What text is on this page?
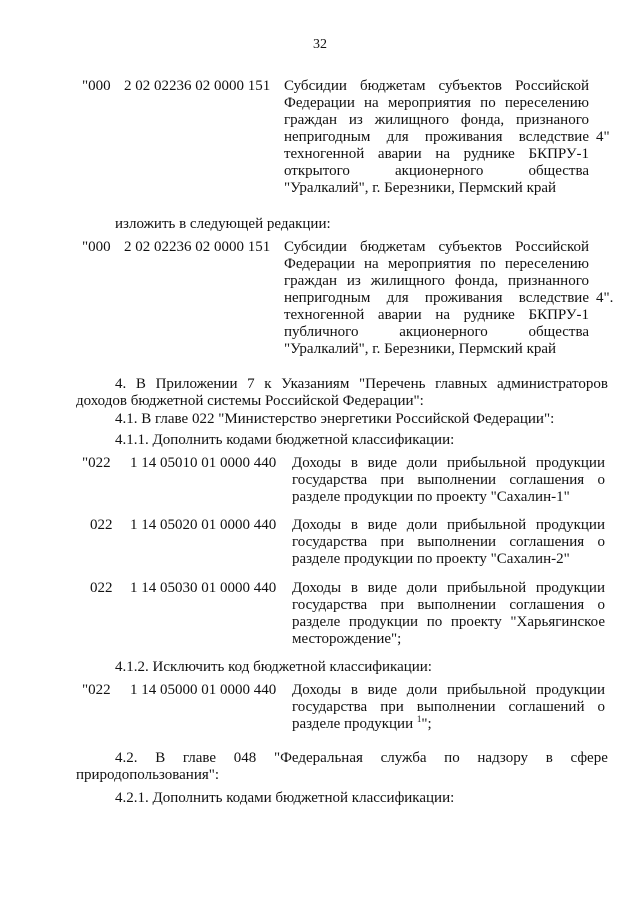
32
"000 2 02 02236 02 0000 151 Субсидии бюджетам субъектов Российской
Федерации на мероприятия по переселению
граждан из жилищного фонда, признаного
непригодным для проживания вследствие
техногенной аварии на руднике БКПРУ-1
открытого акционерного общества
"Уралкалий", г. Березники, Пермский край
4"
изложить в следующей редакции:
"000 2 02 02236 02 0000 151 Субсидии бюджетам субъектов Российской
Федерации на мероприятия по переселению
граждан из жилищного фонда, признанного
непригодным для проживания вследствие
техногенной аварии на руднике БКПРУ-1
публичного акционерного общества
"Уралкалий", г. Березники, Пермский край
4".
4. В Приложении 7 к Указаниям "Перечень главных администраторов доходов бюджетной системы Российской Федерации":
4.1. В главе 022 "Министерство энергетики Российской Федерации":
4.1.1. Дополнить кодами бюджетной классификации:
"022 1 14 05010 01 0000 440	Доходы в виде доли прибыльной продукции
государства при выполнении соглашения о
разделе продукции по проекту "Сахалин-1"
022	1 14 05020 01 0000 440	Доходы в виде доли прибыльной продукции
государства при выполнении соглашения о
разделе продукции по проекту "Сахалин-2"
022	1 14 05030 01 0000 440	Доходы в виде доли прибыльной продукции
государства при выполнении соглашения о
разделе продукции по проекту "Харьягинское
месторождение";
4.1.2. Исключить код бюджетной классификации:
"022 1 14 05000 01 0000 440	Доходы в виде доли прибыльной продукции
государства при выполнении соглашений о
разделе продукции $^1$";
4.2. В главе 048 "Федеральная служба по надзору в сфере
природопользования":
4.2.1. Дополнить кодами бюджетной классификации:
